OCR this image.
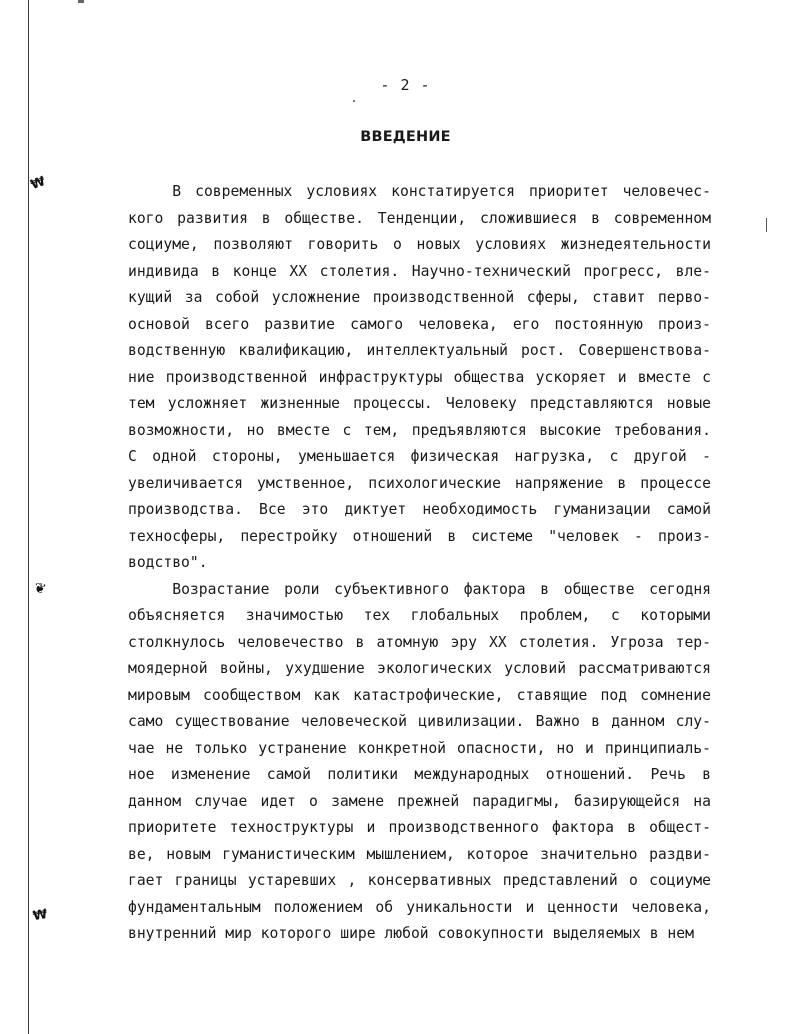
₩
❦
₩
- 2 -
ВВЕДЕНИЕ
В современных условиях констатируется приоритет человечес-
кого развития в обществе. Тенденции, сложившиеся в современном
социуме, позволяют говорить о новых условиях жизнедеятельности
индивида в конце XX столетия. Научно-технический прогресс, вле-
кущий за собой усложнение производственной сферы, ставит перво-
основой всего развитие самого человека, его постоянную произ-
водственную квалификацию, интеллектуальный рост. Совершенствова-
ние производственной инфраструктуры общества ускоряет и вместе с
тем усложняет жизненные процессы. Человеку представляются новые
возможности, но вместе с тем, предъявляются высокие требования.
С одной стороны, уменьшается физическая нагрузка, с другой -
увеличивается умственное, психологические напряжение в процессе
производства. Все это диктует необходимость гуманизации самой
техносферы, перестройку отношений в системе "человек - произ-
водство".
Возрастание роли субъективного фактора в обществе сегодня
объясняется значимостью тех глобальных проблем, с которыми
столкнулось человечество в атомную эру XX столетия. Угроза тер-
моядерной войны, ухудшение экологических условий рассматриваются
мировым сообществом как катастрофические, ставящие под сомнение
само существование человеческой цивилизации. Важно в данном слу-
чае не только устранение конкретной опасности, но и принципиаль-
ное изменение самой политики международных отношений. Речь в
данном случае идет о замене прежней парадигмы, базирующейся на
приоритете техноструктуры и производственного фактора в общест-
ве, новым гуманистическим мышлением, которое значительно раздви-
гает границы устаревших , консервативных представлений о социуме
фундаментальным положением об уникальности и ценности человека,
внутренний мир которого шире любой совокупности выделяемых в нем
